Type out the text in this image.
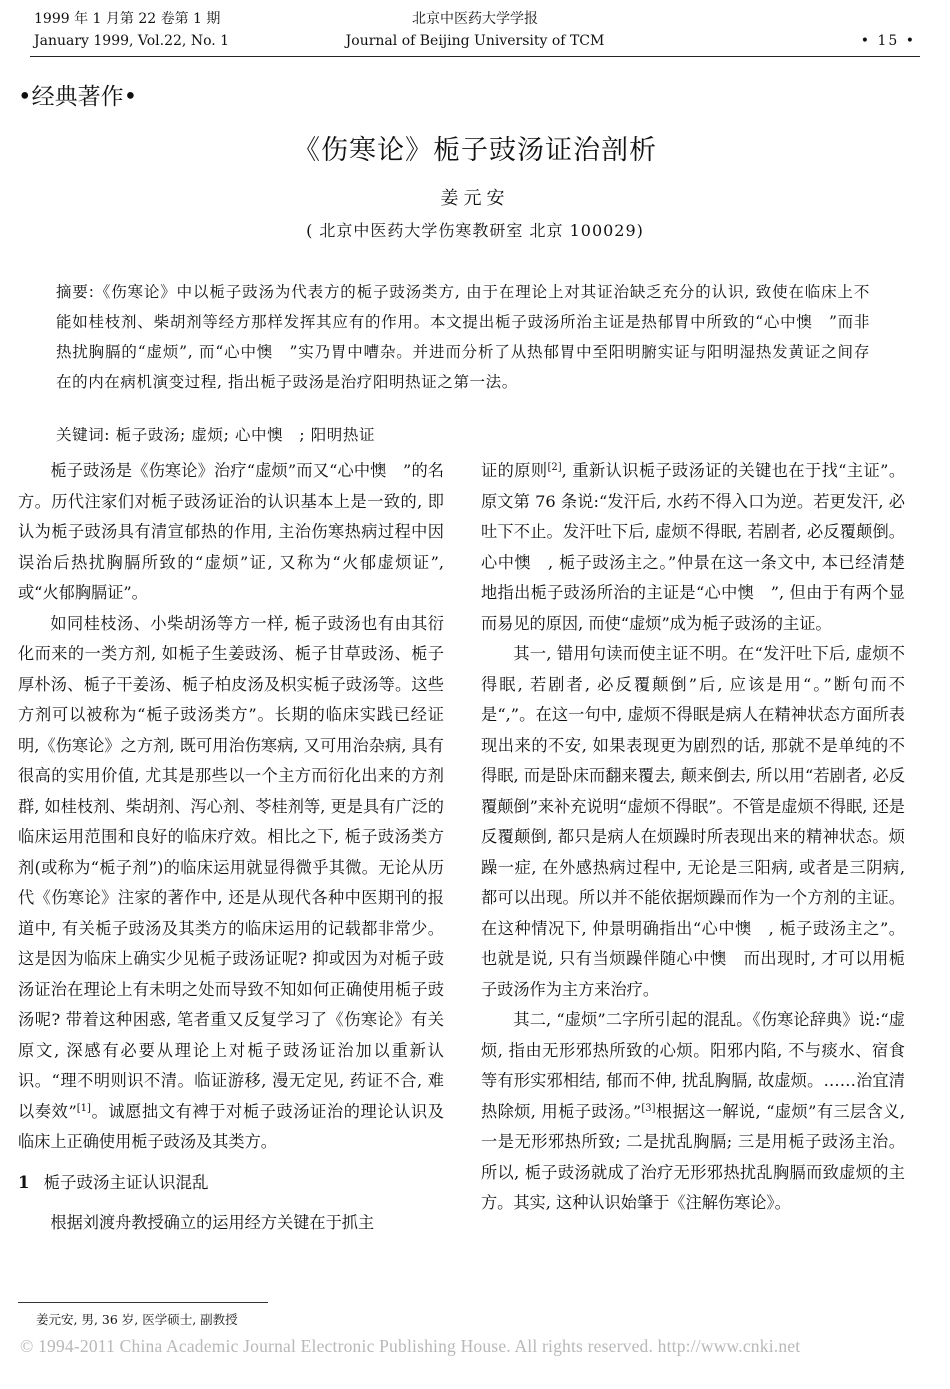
1999 年 1 月第 22 卷第 1 期
January 1999, Vol.22, No. 1
北京中医药大学学报
Journal of Beijing University of TCM	• 15 •
•经典著作•
《伤寒论》栀子豉汤证治剖析
姜元安
( 北京中医药大学伤寒教研室 北京 100029)
摘要:《伤寒论》中以栀子豉汤为代表方的栀子豉汤类方, 由于在理论上对其证治缺乏充分的认识, 致使在临床上不能如桂枝剂、柴胡剂等经方那样发挥其应有的作用。本文提出栀子豉汤所治主证是热郁胃中所致的“心中懊　”而非热扰胸膈的“虚烦”, 而“心中懊　”实乃胃中嘈杂。并进而分析了从热郁胃中至阳明腑实证与阳明湿热发黄证之间存在的内在病机演变过程, 指出栀子豉汤是治疗阳明热证之第一法。
关键词: 栀子豉汤; 虚烦; 心中懊　; 阳明热证

栀子豉汤是《伤寒论》治疗“虚烦”而又“心中懊　”的名方。历代注家们对栀子豉汤证治的认识基本上是一致的, 即认为栀子豉汤具有清宣郁热的作用, 主治伤寒热病过程中因误治后热扰胸膈所致的“虚烦”证, 又称为“火郁虚烦证”, 或“火郁胸膈证”。

如同桂枝汤、小柴胡汤等方一样, 栀子豉汤也有由其衍化而来的一类方剂, 如栀子生姜豉汤、栀子甘草豉汤、栀子厚朴汤、栀子干姜汤、栀子柏皮汤及枳实栀子豉汤等。这些方剂可以被称为“栀子豉汤类方”。长期的临床实践已经证明,《伤寒论》之方剂, 既可用治伤寒病, 又可用治杂病, 具有很高的实用价值, 尤其是那些以一个主方而衍化出来的方剂群, 如桂枝剂、柴胡剂、泻心剂、苓桂剂等, 更是具有广泛的临床运用范围和良好的临床疗效。相比之下, 栀子豉汤类方剂(或称为“栀子剂”)的临床运用就显得微乎其微。无论从历代《伤寒论》注家的著作中, 还是从现代各种中医期刊的报道中, 有关栀子豉汤及其类方的临床运用的记载都非常少。这是因为临床上确实少见栀子豉汤证呢? 抑或因为对栀子豉汤证治在理论上有未明之处而导致不知如何正确使用栀子豉汤呢? 带着这种困惑, 笔者重又反复学习了《伤寒论》有关原文, 深感有必要从理论上对栀子豉汤证治加以重新认识。“理不明则识不清。临证游移, 漫无定见, 药证不合, 难以奏效”[1]。诚愿拙文有裨于对栀子豉汤证治的理论认识及临床上正确使用栀子豉汤及其类方。

1 栀子豉汤主证认识混乱

根据刘渡舟教授确立的运用经方关键在于抓主

证的原则[2], 重新认识栀子豉汤证的关键也在于找“主证”。原文第 76 条说:“发汗后, 水药不得入口为逆。若更发汗, 必吐下不止。发汗吐下后, 虚烦不得眠, 若剧者, 必反覆颠倒。心中懊　, 栀子豉汤主之。”仲景在这一条文中, 本已经清楚地指出栀子豉汤所治的主证是“心中懊　”, 但由于有两个显而易见的原因, 而使“虚烦”成为栀子豉汤的主证。

其一, 错用句读而使主证不明。在“发汗吐下后, 虚烦不得眠, 若剧者, 必反覆颠倒”后, 应该是用“。”断句而不是“,”。在这一句中, 虚烦不得眠是病人在精神状态方面所表现出来的不安, 如果表现更为剧烈的话, 那就不是单纯的不得眠, 而是卧床而翻来覆去, 颠来倒去, 所以用“若剧者, 必反覆颠倒”来补充说明“虚烦不得眠”。不管是虚烦不得眠, 还是反覆颠倒, 都只是病人在烦躁时所表现出来的精神状态。烦躁一症, 在外感热病过程中, 无论是三阳病, 或者是三阴病, 都可以出现。所以并不能依据烦躁而作为一个方剂的主证。在这种情况下, 仲景明确指出“心中懊　, 栀子豉汤主之”。也就是说, 只有当烦躁伴随心中懊　而出现时, 才可以用栀子豉汤作为主方来治疗。

其二, “虚烦”二字所引起的混乱。《伤寒论辞典》说:“虚烦, 指由无形邪热所致的心烦。阳邪内陷, 不与痰水、宿食等有形实邪相结, 郁而不伸, 扰乱胸膈, 故虚烦。……治宜清热除烦, 用栀子豉汤。”[3]根据这一解说, “虚烦”有三层含义, 一是无形邪热所致; 二是扰乱胸膈; 三是用栀子豉汤主治。所以, 栀子豉汤就成了治疗无形邪热扰乱胸膈而致虚烦的主方。其实, 这种认识始肇于《注解伤寒论》。

姜元安, 男, 36 岁, 医学硕士, 副教授
© 1994-2011 China Academic Journal Electronic Publishing House. All rights reserved. http://www.cnki.net
